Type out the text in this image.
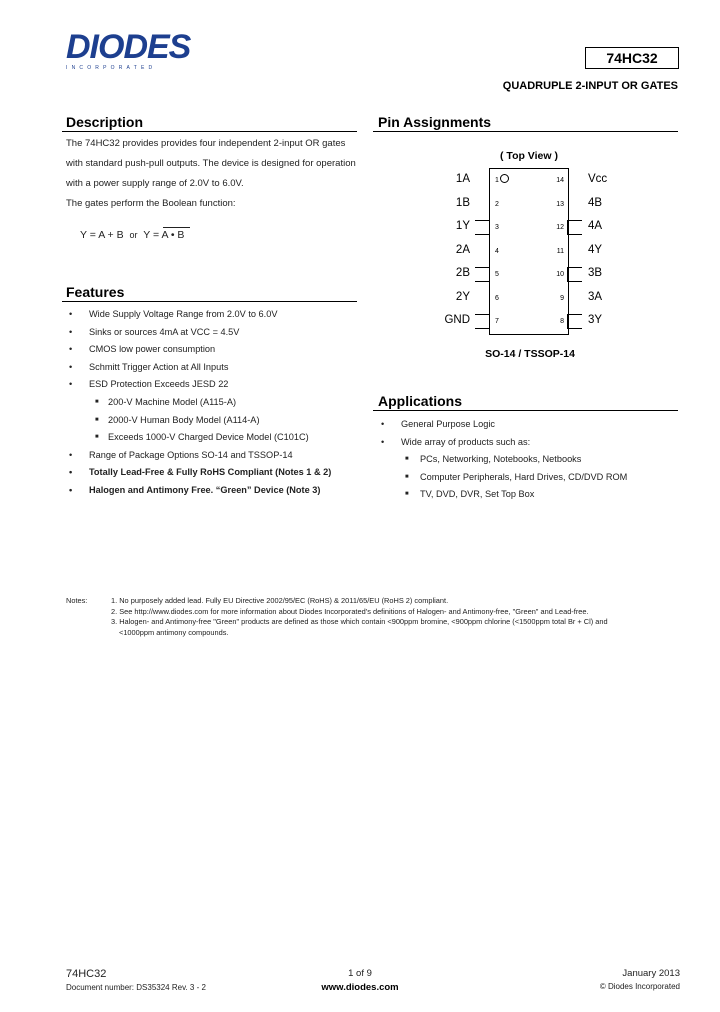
DIODES
INCORPORATED
74HC32
QUADRUPLE 2-INPUT OR GATES
Description
The 74HC32 provides provides four independent 2-input OR gates
with standard push-pull outputs. The device is designed for operation
with a power supply range of 2.0V to 6.0V.
The gates perform the Boolean function:
Y = A + B or Y = A • B
Features
• Wide Supply Voltage Range from 2.0V to 6.0V
• Sinks or sources 4mA at VCC = 4.5V
• CMOS low power consumption
• Schmitt Trigger Action at All Inputs
• ESD Protection Exceeds JESD 22
■ 200-V Machine Model (A115-A)
■ 2000-V Human Body Model (A114-A)
■ Exceeds 1000-V Charged Device Model (C101C)
• Range of Package Options SO-14 and TSSOP-14
• Totally Lead-Free & Fully RoHS Compliant (Notes 1 & 2)
• Halogen and Antimony Free. “Green” Device (Note 3)
Pin Assignments
( Top View )
1A	1
1B	2
1Y	3
2A	4
2B	5
2Y	6
GND	7
14 Vcc
13 4B
12 4A
11 4Y
10 3B
9 3A
8 3Y
SO-14 / TSSOP-14
Applications
• General Purpose Logic
• Wide array of products such as:
■ PCs, Networking, Notebooks, Netbooks
■ Computer Peripherals, Hard Drives, CD/DVD ROM
■ TV, DVD, DVR, Set Top Box
Notes:	1. No purposely added lead. Fully EU Directive 2002/95/EC (RoHS) & 2011/65/EU (RoHS 2) compliant.
2. See http://www.diodes.com for more information about Diodes Incorporated’s definitions of Halogen- and Antimony-free, "Green" and Lead-free.
3. Halogen- and Antimony-free "Green" products are defined as those which contain <900ppm bromine, <900ppm chlorine (<1500ppm total Br + Cl) and
<1000ppm antimony compounds.
74HC32
Document number: DS35324 Rev. 3 - 2
1 of 9
www.diodes.com
January 2013
© Diodes Incorporated
